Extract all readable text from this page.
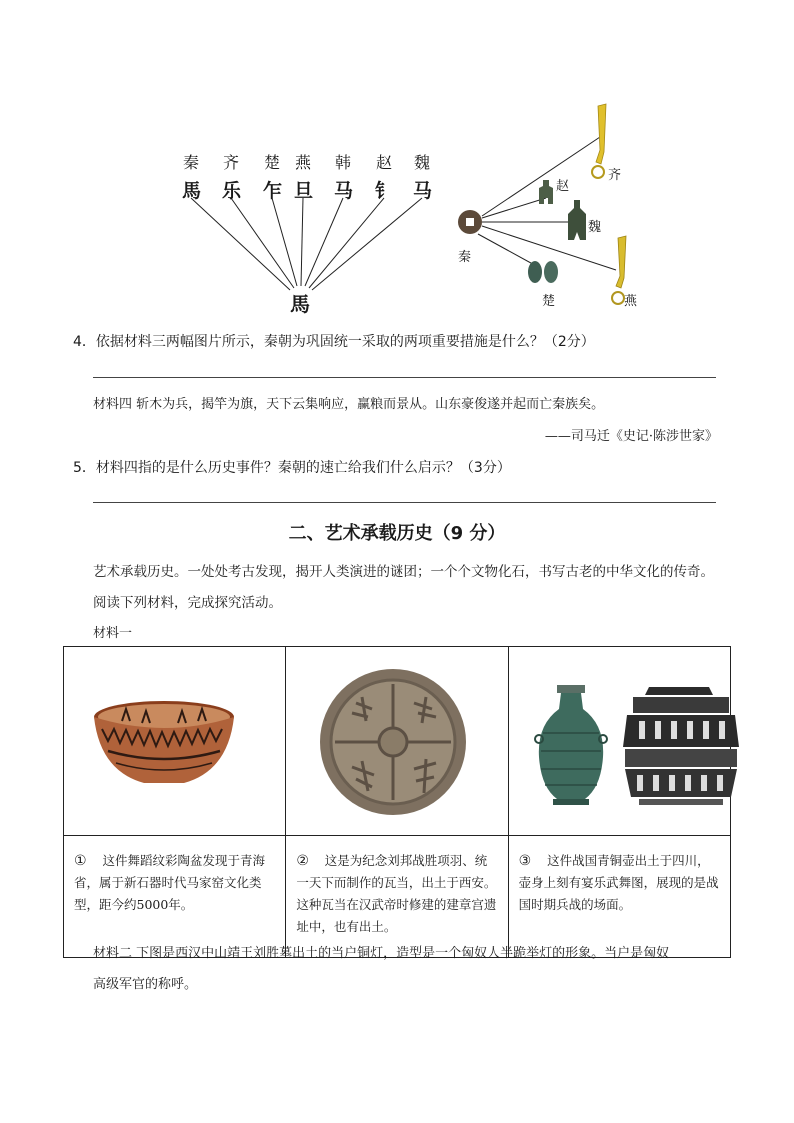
秦 齐 楚 燕 韩 赵 魏
馬 乐 乍 旦 马 钅 马
馬
秦
赵
魏
齐
楚	燕
4．依据材料三两幅图片所示，秦朝为巩固统一采取的两项重要措施是什么？（2分）
材料四 斩木为兵，揭竿为旗，天下云集响应，赢粮而景从。山东豪俊遂并起而亡秦族矣。
——司马迁《史记·陈涉世家》
5．材料四指的是什么历史事件？秦朝的速亡给我们什么启示？（3分）
二、艺术承载历史（9 分）
艺术承载历史。一处处考古发现，揭开人类演进的谜团；一个个文物化石，书写古老的中华文化的传奇。
阅读下列材料，完成探究活动。
材料一

① 这件舞蹈纹彩陶盆发现于青海省，属于新石器时代马家窑文化类型，距今约5000年。	② 这是为纪念刘邦战胜项羽、统一天下而制作的瓦当，出土于西安。这种瓦当在汉武帝时修建的建章宫遗址中，也有出土。	③ 这件战国青铜壶出土于四川，壶身上刻有宴乐武舞图，展现的是战国时期兵战的场面。
材料二 下图是西汉中山靖王刘胜墓出土的当户铜灯，造型是一个匈奴人半跪举灯的形象。当户是匈奴
高级军官的称呼。
